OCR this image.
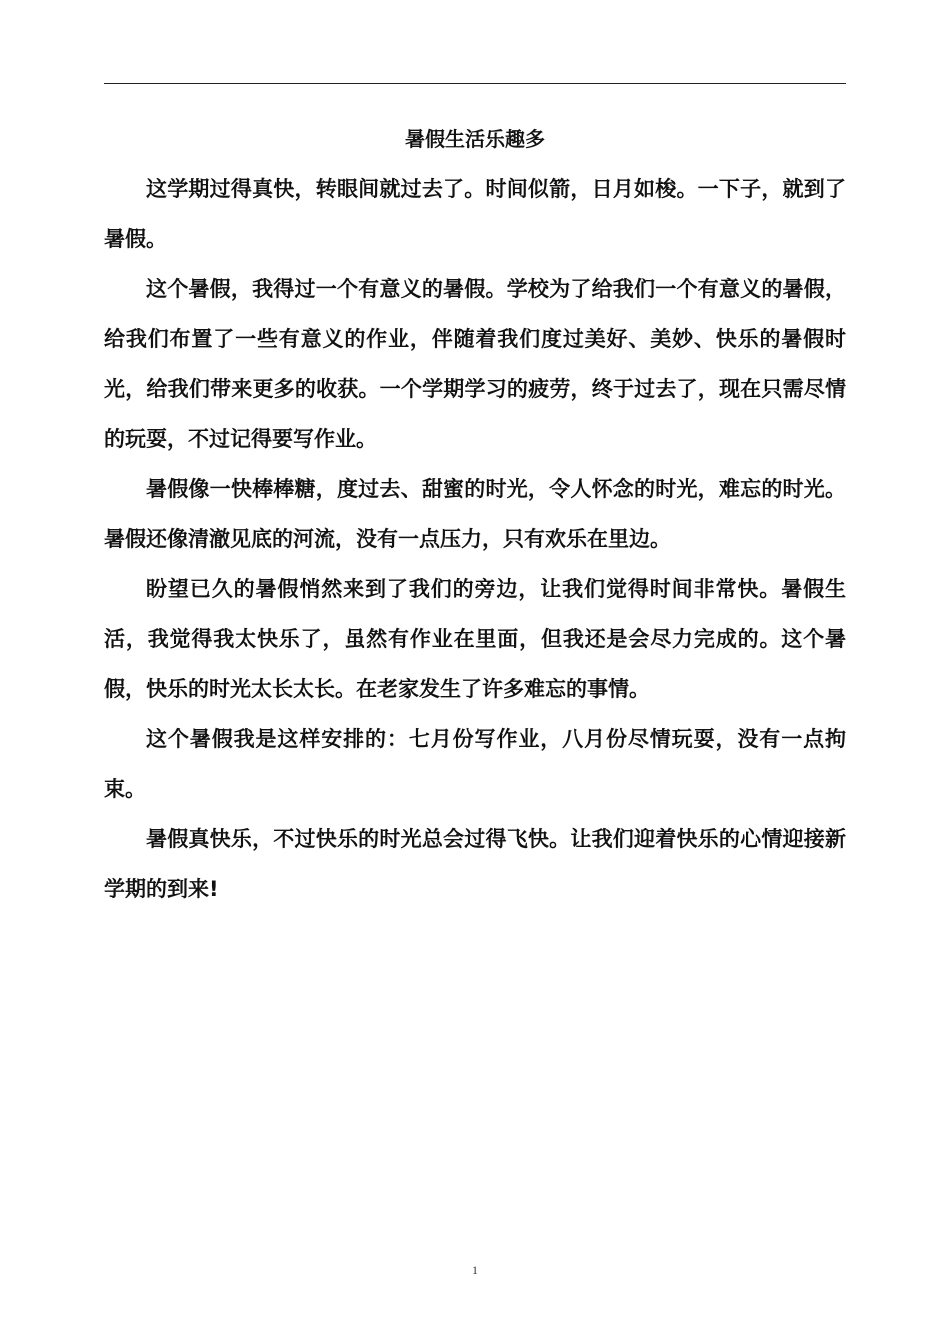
暑假生活乐趣多

这学期过得真快，转眼间就过去了。时间似箭，日月如梭。一下子，就到了暑假。

这个暑假，我得过一个有意义的暑假。学校为了给我们一个有意义的暑假，给我们布置了一些有意义的作业，伴随着我们度过美好、美妙、快乐的暑假时光，给我们带来更多的收获。一个学期学习的疲劳，终于过去了，现在只需尽情的玩耍，不过记得要写作业。

暑假像一快棒棒糖，度过去、甜蜜的时光，令人怀念的时光，难忘的时光。暑假还像清澈见底的河流，没有一点压力，只有欢乐在里边。

盼望已久的暑假悄然来到了我们的旁边，让我们觉得时间非常快。暑假生活，我觉得我太快乐了，虽然有作业在里面，但我还是会尽力完成的。这个暑假，快乐的时光太长太长。在老家发生了许多难忘的事情。

这个暑假我是这样安排的：七月份写作业，八月份尽情玩耍，没有一点拘束。

暑假真快乐，不过快乐的时光总会过得飞快。让我们迎着快乐的心情迎接新学期的到来!

1
